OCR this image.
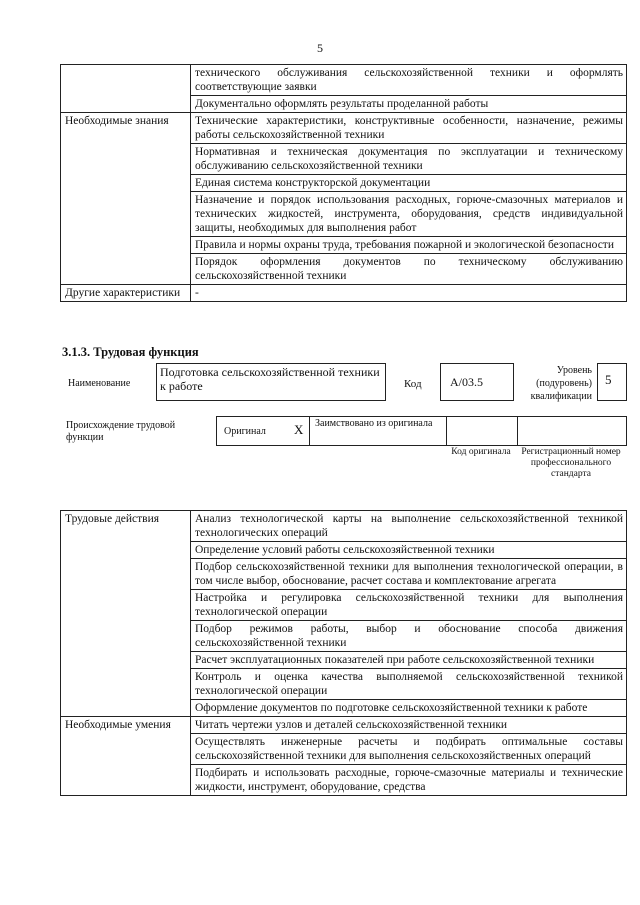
5
	технического обслуживания сельскохозяйственной техники и оформлять соответствующие заявки
	Документально оформлять результаты проделанной работы
Необходимые знания	Технические характеристики, конструктивные особенности, назначение, режимы работы сельскохозяйственной техники
	Нормативная и техническая документация по эксплуатации и техническому обслуживанию сельскохозяйственной техники
	Единая система конструкторской документации
	Назначение и порядок использования расходных, горюче-смазочных материалов и технических жидкостей, инструмента, оборудования, средств индивидуальной защиты, необходимых для выполнения работ
	Правила и нормы охраны труда, требования пожарной и экологической безопасности
	Порядок оформления документов по техническому обслуживанию сельскохозяйственной техники
Другие характеристики	-
3.1.3. Трудовая функция
Наименование
Подготовка сельскохозяйственной техники к работе	Код A/03.5
Уровень (подуровень) квалификации
5
Происхождение трудовой функции
Оригинал X Заимствовано из оригинала
Код оригинала	Регистрационный номер профессионального стандарта
Трудовые действия	Анализ технологической карты на выполнение сельскохозяйственной техникой технологических операций
	Определение условий работы сельскохозяйственной техники
	Подбор сельскохозяйственной техники для выполнения технологической операции, в том числе выбор, обоснование, расчет состава и комплектование агрегата
	Настройка и регулировка сельскохозяйственной техники для выполнения технологической операции
	Подбор режимов работы, выбор и обоснование способа движения сельскохозяйственной техники
	Расчет эксплуатационных показателей при работе сельскохозяйственной техники
	Контроль и оценка качества выполняемой сельскохозяйственной техникой технологической операции
	Оформление документов по подготовке сельскохозяйственной техники к работе
Необходимые умения	Читать чертежи узлов и деталей сельскохозяйственной техники
	Осуществлять инженерные расчеты и подбирать оптимальные составы сельскохозяйственной техники для выполнения сельскохозяйственных операций
	Подбирать и использовать расходные, горюче-смазочные материалы и технические жидкости, инструмент, оборудование, средства
